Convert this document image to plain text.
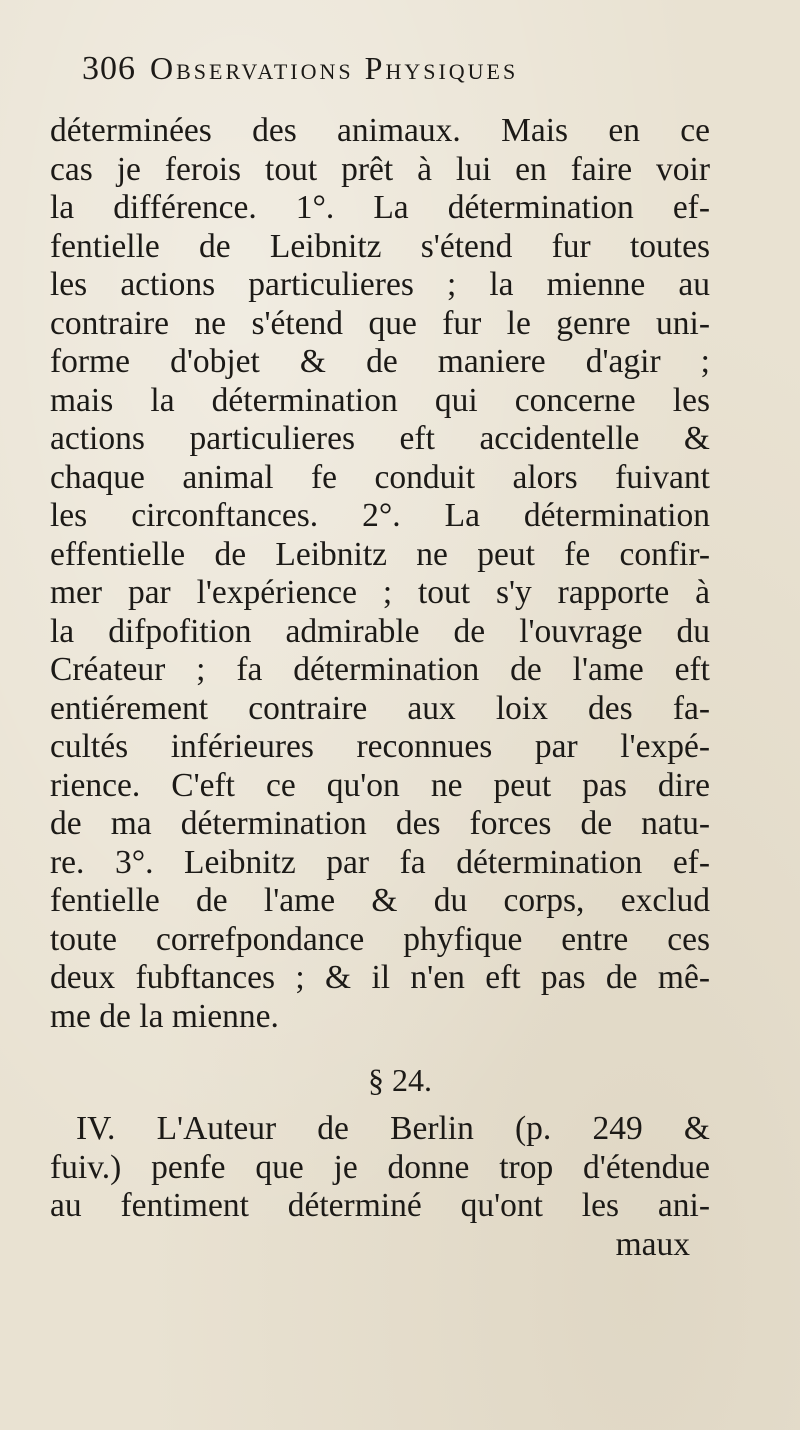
306 Observations Physiques
déterminées des animaux. Mais en ce
cas je ferois tout prêt à lui en faire voir
la différence. 1°. La détermination ef-
fentielle de Leibnitz s'étend fur toutes
les actions particulieres ; la mienne au
contraire ne s'étend que fur le genre uni-
forme d'objet & de maniere d'agir ;
mais la détermination qui concerne les
actions particulieres eft accidentelle &
chaque animal fe conduit alors fuivant
les circonftances. 2°. La détermination
effentielle de Leibnitz ne peut fe confir-
mer par l'expérience ; tout s'y rapporte à
la difpofition admirable de l'ouvrage du
Créateur ; fa détermination de l'ame eft
entiérement contraire aux loix des fa-
cultés inférieures reconnues par l'expé-
rience. C'eft ce qu'on ne peut pas dire
de ma détermination des forces de natu-
re. 3°. Leibnitz par fa détermination ef-
fentielle de l'ame & du corps, exclud
toute correfpondance phyfique entre ces
deux fubftances ; & il n'en eft pas de mê-
me de la mienne.
§ 24.
IV. L'Auteur de Berlin (p. 249 &
fuiv.) penfe que je donne trop d'étendue
au fentiment déterminé qu'ont les ani-
maux
